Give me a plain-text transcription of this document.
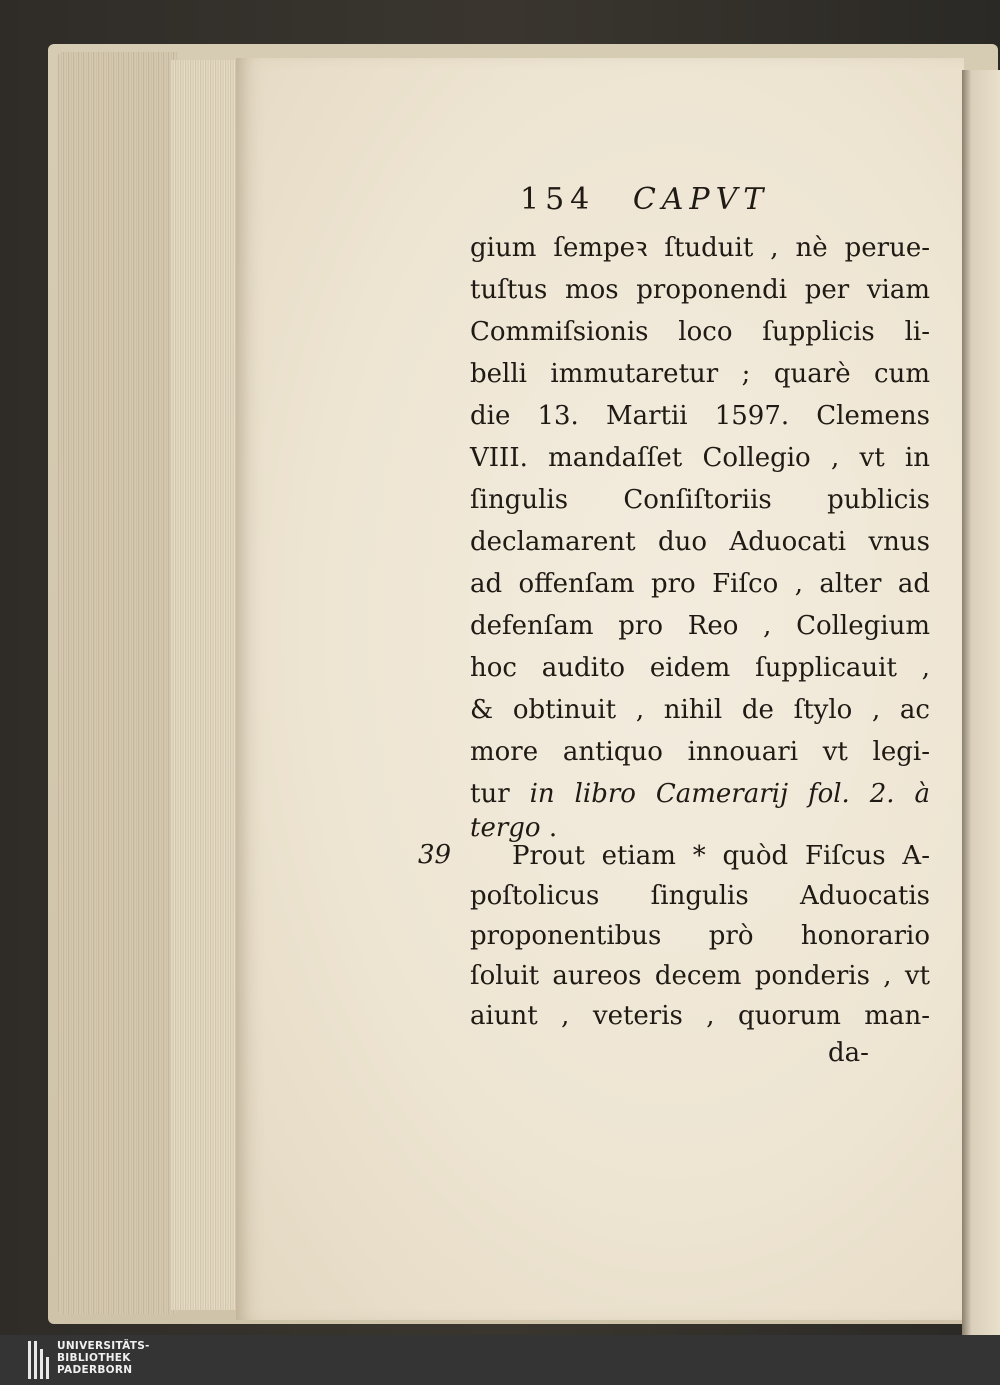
154 CAPVT
gium ſempeꝛ ſtuduit , nè perue-
tuſtus mos proponendi per viam
Commiſsionis loco ſupplicis li-
belli immutaretur ; quarè cum
die 13. Martii 1597. Clemens
VIII. mandaſſet Collegio , vt in
ſingulis Conſiſtoriis publicis
declamarent duo Aduocati vnus
ad offenſam pro Fiſco , alter ad
defenſam pro Reo , Collegium
hoc audito eidem ſupplicauit ,
& obtinuit , nihil de ſtylo , ac
more antiquo innouari vt legi-
tur in libro Camerarij fol. 2. à
tergo .
39 Prout etiam * quòd Fiſcus A-
poſtolicus ſingulis Aduocatis
proponentibus prò honorario
ſoluit aureos decem ponderis , vt
aiunt , veteris , quorum man-
da-
UNIVERSITÄTS-
BIBLIOTHEK
PADERBORN
